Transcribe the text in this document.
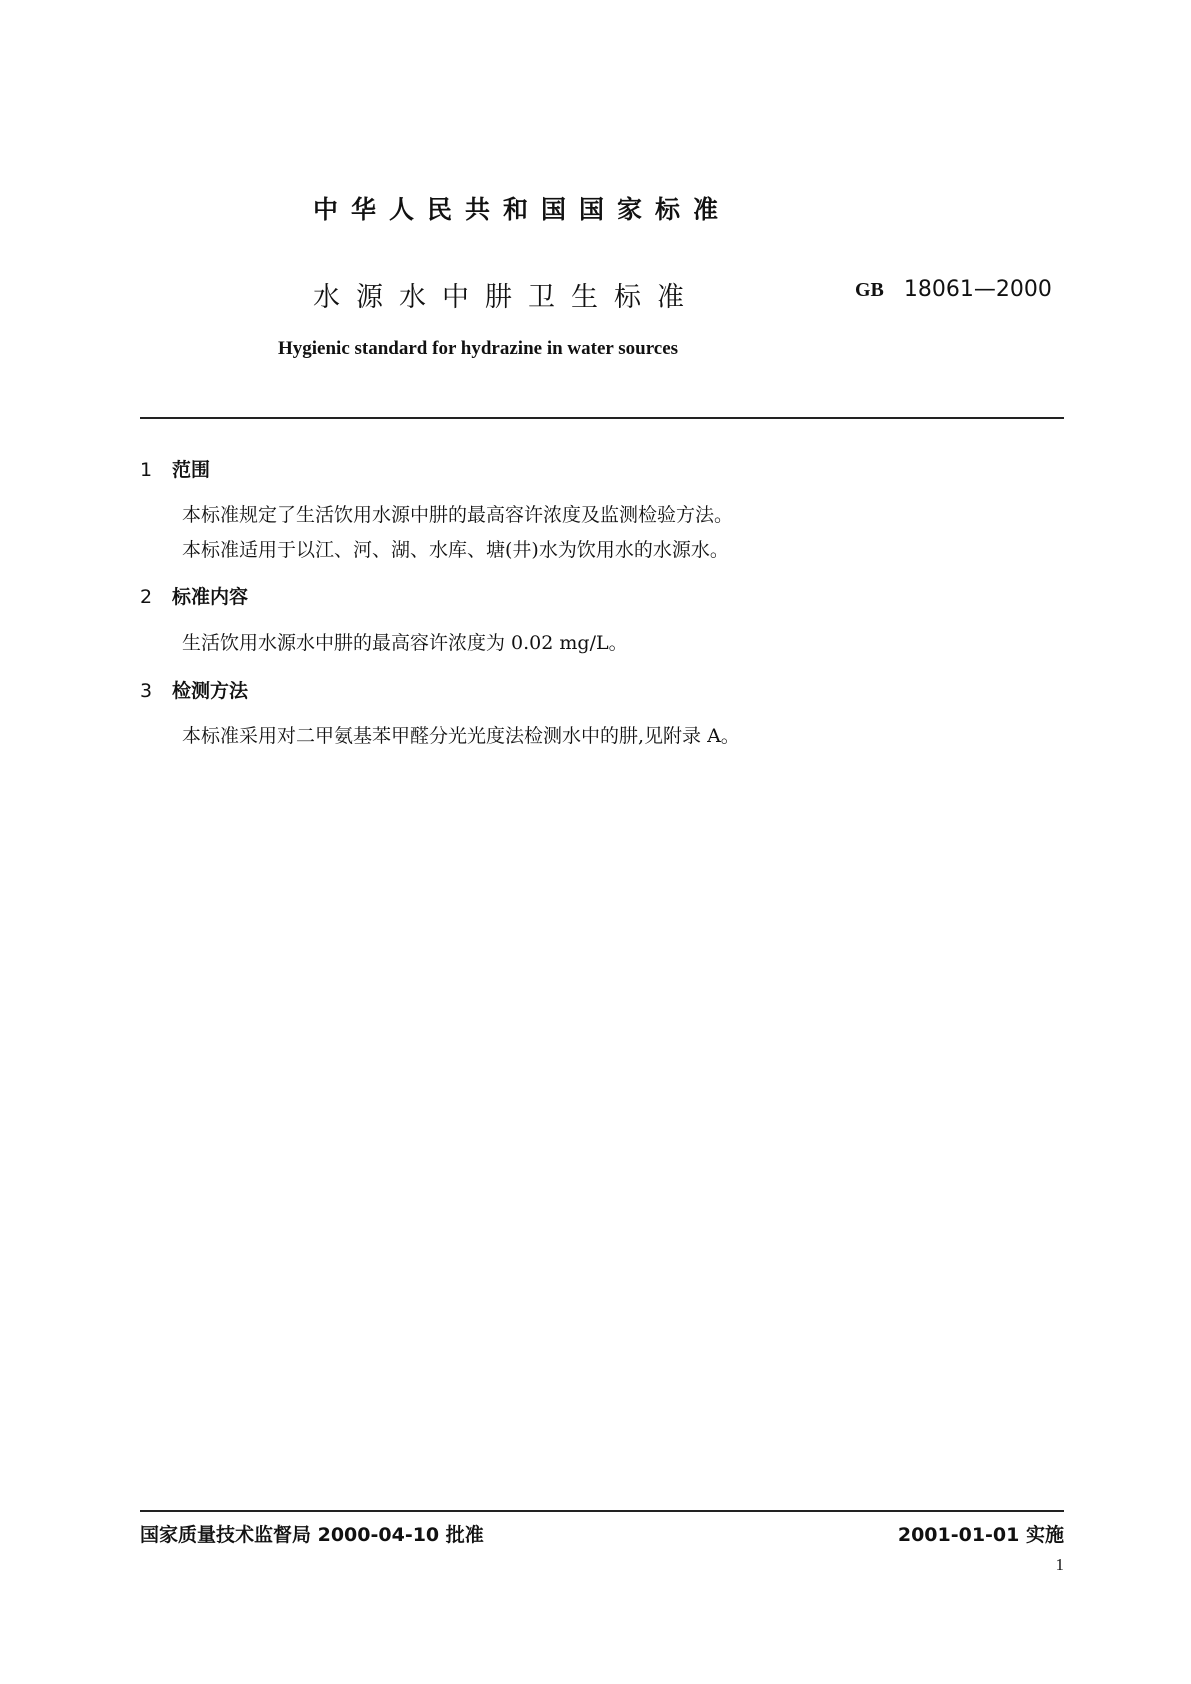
中华人民共和国国家标准
水源水中肼卫生标准	GB 18061—2000
Hygienic standard for hydrazine in water sources
1 范围
本标准规定了生活饮用水源中肼的最高容许浓度及监测检验方法。
本标准适用于以江、河、湖、水库、塘(井)水为饮用水的水源水。
2 标准内容
生活饮用水源水中肼的最高容许浓度为 0.02 mg/L。
3 检测方法
本标准采用对二甲氨基苯甲醛分光光度法检测水中的肼,见附录 A。
国家质量技术监督局 2000-04-10 批准	2001-01-01 实施
1
